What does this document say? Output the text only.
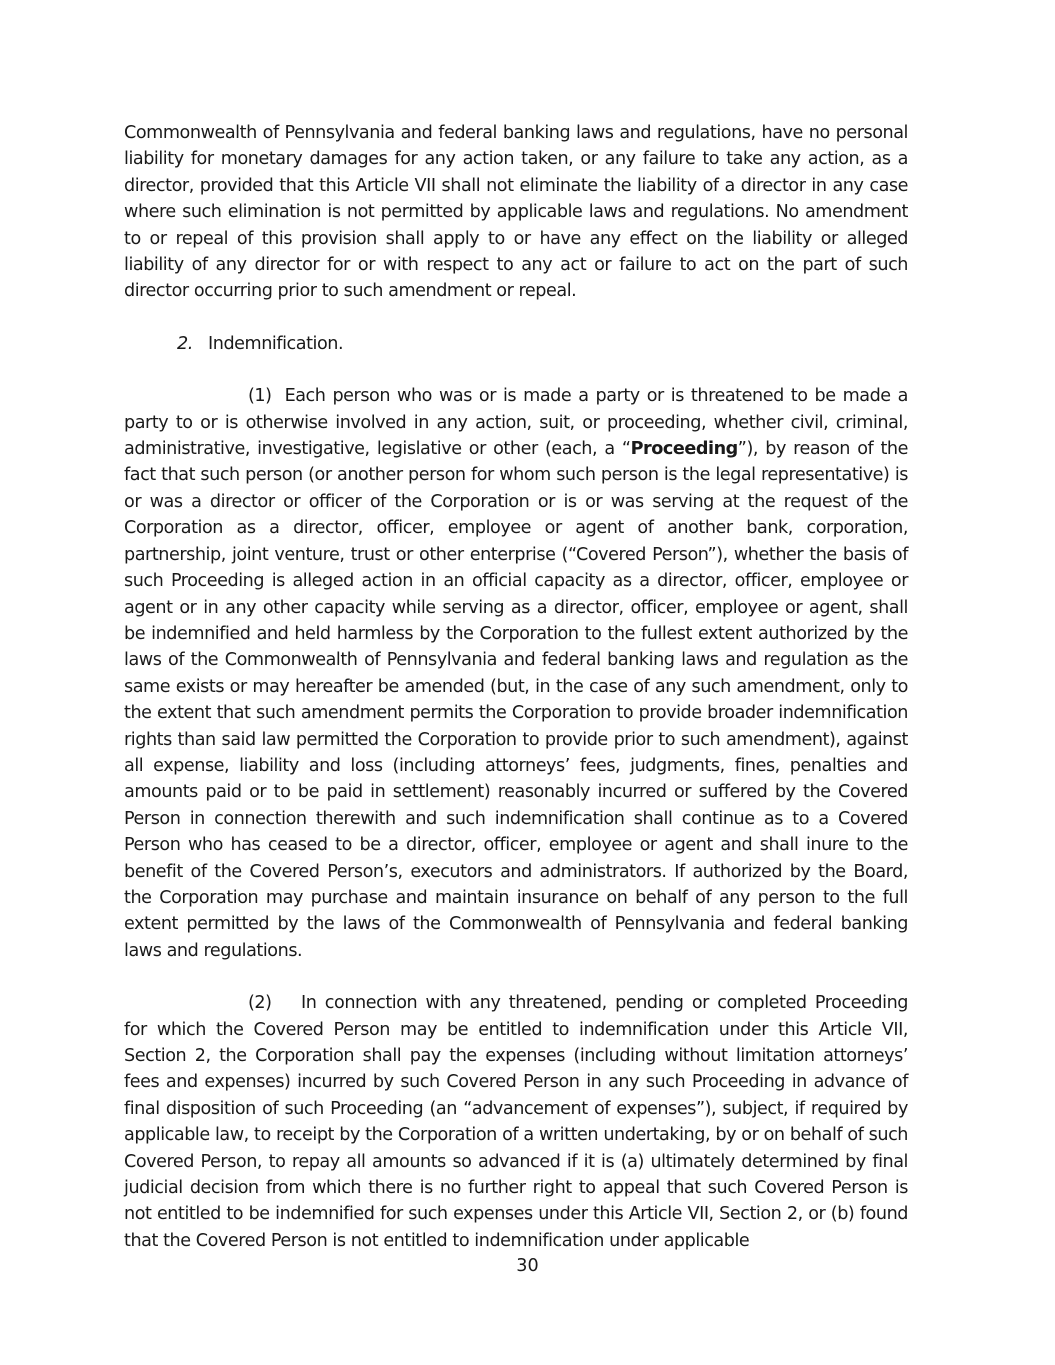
Commonwealth of Pennsylvania and federal banking laws and regulations, have no personal liability for monetary damages for any action taken, or any failure to take any action, as a director, provided that this Article VII shall not eliminate the liability of a director in any case where such elimination is not permitted by applicable laws and regulations. No amendment to or repeal of this provision shall apply to or have any effect on the liability or alleged liability of any director for or with respect to any act or failure to act on the part of such director occurring prior to such amendment or repeal.

2. Indemnification.

(1) Each person who was or is made a party or is threatened to be made a party to or is otherwise involved in any action, suit, or proceeding, whether civil, criminal, administrative, investigative, legislative or other (each, a “Proceeding”), by reason of the fact that such person (or another person for whom such person is the legal representative) is or was a director or officer of the Corporation or is or was serving at the request of the Corporation as a director, officer, employee or agent of another bank, corporation, partnership, joint venture, trust or other enterprise (“Covered Person”), whether the basis of such Proceeding is alleged action in an official capacity as a director, officer, employee or agent or in any other capacity while serving as a director, officer, employee or agent, shall be indemnified and held harmless by the Corporation to the fullest extent authorized by the laws of the Commonwealth of Pennsylvania and federal banking laws and regulation as the same exists or may hereafter be amended (but, in the case of any such amendment, only to the extent that such amendment permits the Corporation to provide broader indemnification rights than said law permitted the Corporation to provide prior to such amendment), against all expense, liability and loss (including attorneys’ fees, judgments, fines, penalties and amounts paid or to be paid in settlement) reasonably incurred or suffered by the Covered Person in connection therewith and such indemnification shall continue as to a Covered Person who has ceased to be a director, officer, employee or agent and shall inure to the benefit of the Covered Person’s, executors and administrators. If authorized by the Board, the Corporation may purchase and maintain insurance on behalf of any person to the full extent permitted by the laws of the Commonwealth of Pennsylvania and federal banking laws and regulations.

(2) In connection with any threatened, pending or completed Proceeding for which the Covered Person may be entitled to indemnification under this Article VII, Section 2, the Corporation shall pay the expenses (including without limitation attorneys’ fees and expenses) incurred by such Covered Person in any such Proceeding in advance of final disposition of such Proceeding (an “advancement of expenses”), subject, if required by applicable law, to receipt by the Corporation of a written undertaking, by or on behalf of such Covered Person, to repay all amounts so advanced if it is (a) ultimately determined by final judicial decision from which there is no further right to appeal that such Covered Person is not entitled to be indemnified for such expenses under this Article VII, Section 2, or (b) found that the Covered Person is not entitled to indemnification under applicable

30
